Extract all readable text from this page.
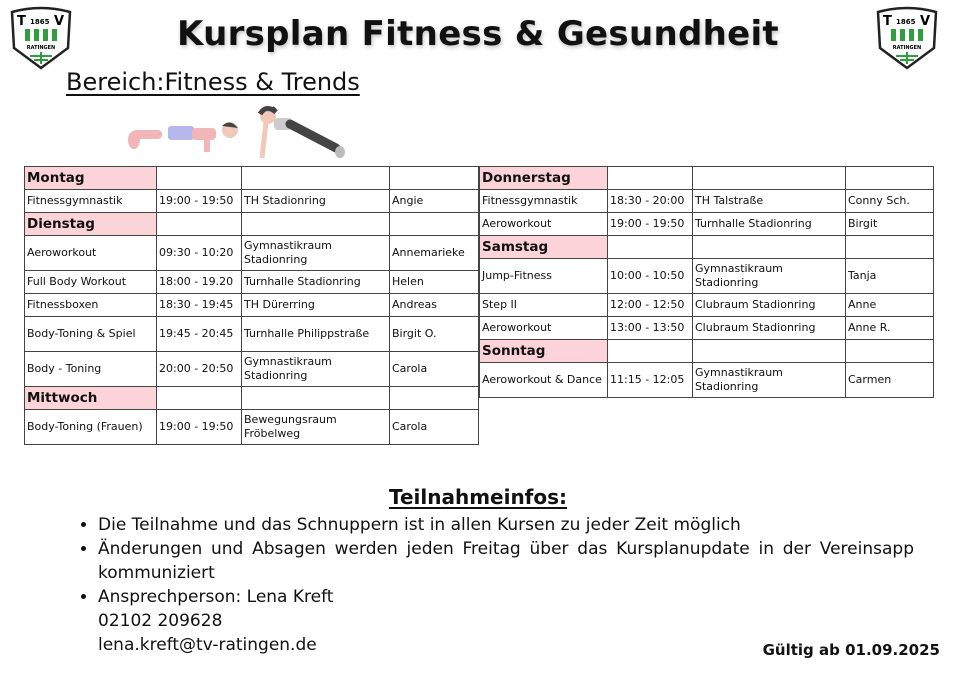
T 1865 V
RATINGEN
T 1865 V
RATINGEN
Kursplan Fitness & Gesundheit
Bereich:Fitness & Trends
Montag			
Fitnessgymnastik	19:00 - 19:50	TH Stadionring	Angie
Dienstag			
Aeroworkout	09:30 - 10:20	Gymnastikraum Stadionring	Annemarieke
Full Body Workout	18:00 - 19.20	Turnhalle Stadionring	Helen
Fitnessboxen	18:30 - 19:45	TH Dürerring	Andreas
Body-Toning & Spiel	19:45 - 20:45	Turnhalle Philippstraße	Birgit O.
Body - Toning	20:00 - 20:50	Gymnastikraum Stadionring	Carola
Mittwoch			
Body-Toning (Frauen)	19:00 - 19:50	Bewegungsraum Fröbelweg	Carola
Donnerstag			
Fitnessgymnastik	18:30 - 20:00	TH Talstraße	Conny Sch.
Aeroworkout	19:00 - 19:50	Turnhalle Stadionring	Birgit
Samstag			
Jump-Fitness	10:00 - 10:50	Gymnastikraum Stadionring	Tanja
Step II	12:00 - 12:50	Clubraum Stadionring	Anne
Aeroworkout	13:00 - 13:50	Clubraum Stadionring	Anne R.
Sonntag			
Aeroworkout & Dance	11:15 - 12:05	Gymnastikraum Stadionring	Carmen
Teilnahmeinfos:
• Die Teilnahme und das Schnuppern ist in allen Kursen zu jeder Zeit möglich
• Änderungen und Absagen werden jeden Freitag über das Kursplanupdate in der Vereinsapp kommuniziert
• Ansprechperson: Lena Kreft
02102 209628
lena.kreft@tv-ratingen.de	Gültig ab 01.09.2025
